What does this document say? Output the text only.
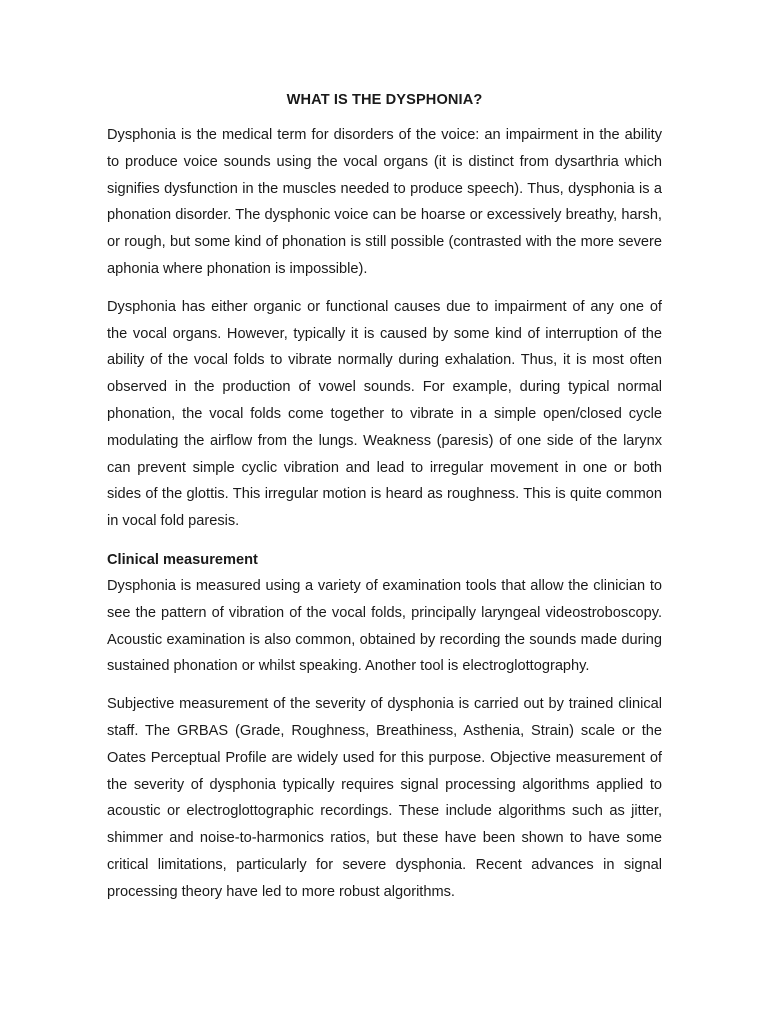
WHAT IS THE DYSPHONIA?

Dysphonia is the medical term for disorders of the voice: an impairment in the ability to produce voice sounds using the vocal organs (it is distinct from dysarthria which signifies dysfunction in the muscles needed to produce speech). Thus, dysphonia is a phonation disorder. The dysphonic voice can be hoarse or excessively breathy, harsh, or rough, but some kind of phonation is still possible (contrasted with the more severe aphonia where phonation is impossible).

Dysphonia has either organic or functional causes due to impairment of any one of the vocal organs. However, typically it is caused by some kind of interruption of the ability of the vocal folds to vibrate normally during exhalation. Thus, it is most often observed in the production of vowel sounds. For example, during typical normal phonation, the vocal folds come together to vibrate in a simple open/closed cycle modulating the airflow from the lungs. Weakness (paresis) of one side of the larynx can prevent simple cyclic vibration and lead to irregular movement in one or both sides of the glottis. This irregular motion is heard as roughness. This is quite common in vocal fold paresis.

Clinical measurement

Dysphonia is measured using a variety of examination tools that allow the clinician to see the pattern of vibration of the vocal folds, principally laryngeal videostroboscopy. Acoustic examination is also common, obtained by recording the sounds made during sustained phonation or whilst speaking. Another tool is electroglottography.

Subjective measurement of the severity of dysphonia is carried out by trained clinical staff. The GRBAS (Grade, Roughness, Breathiness, Asthenia, Strain) scale or the Oates Perceptual Profile are widely used for this purpose. Objective measurement of the severity of dysphonia typically requires signal processing algorithms applied to acoustic or electroglottographic recordings. These include algorithms such as jitter, shimmer and noise-to-harmonics ratios, but these have been shown to have some critical limitations, particularly for severe dysphonia. Recent advances in signal processing theory have led to more robust algorithms.
